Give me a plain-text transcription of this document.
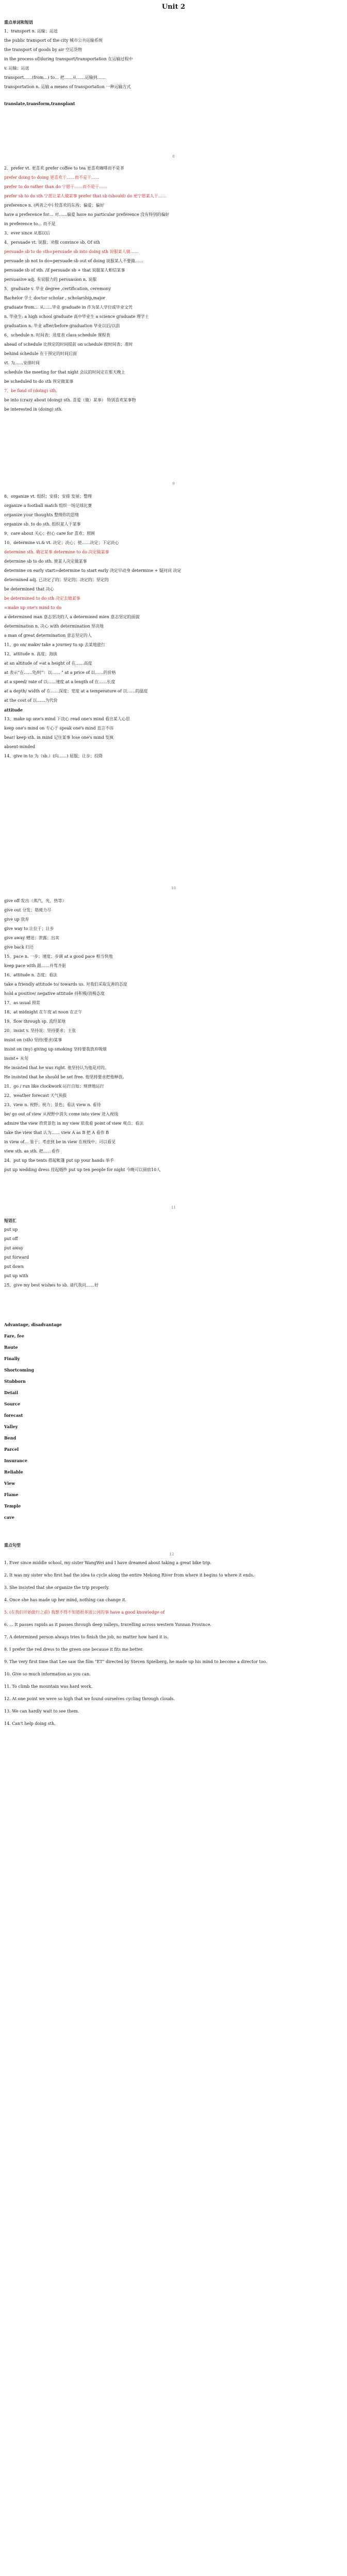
Unit 2
重点单词和短语
1、transport n. 运输；运送
the public transport of the city 城市公共运输系统
the transport of goods by air 空运货物
in the process of/during transport/transportation 在运输过程中
v. 运输；运送
transport……(from…) to… 把……从……运输到……
transportation n. 运输 a means of transportation 一种运输方式
translate,transform,transplant
8
2、prefer vt. 更喜欢 prefer coffee to tea 更喜欢咖啡而不是茶
prefer doing to doing 更喜欢干……而不是干……
prefer to do rather than do 宁愿干……而不是干……
prefer sb to do sth 宁愿让某人做某事 prefer that sb (should) do 更宁愿某人干……
preference n. (两者之中) 较喜欢的东西；偏爱；偏好
have a preference for… 对……偏爱 have no particular preference 没有特别的偏好
in preference to… 而不是
3、ever since 从那以后
4、persuade vt. 说服；劝服 convince sb. Of sth
persuade sb to do sth=persuade sb into doing sth 说服某人做……
persuade sb not to do=persuade sb out of doing 说服某人不要做……
persuade sb of sth. /if persuade sb + that 说服某人相信某事
persuasive adj. 有说服力的 persuasion n. 说服
5、graduate v. 毕业 degree ,certification, ceremony
Bachelor 学士 doctor scholar , scholarship,major
graduate from… 从……毕业 graduate in 作为某人学位或毕业文凭
n. 毕业生: a high school graduate 高中毕业生 a science graduate 理学士
graduation n. 毕业 after/before graduation 毕业以后/以前
6、schedule n. 时间表；进度表 class schedule 课程表
ahead of schedule 比预定的时间提前 on schedule 按时间表；准时
behind schedule 在于预定的时间后面
vt. 为……安排时间
schedule the meeting for that night 会议的时间定在那天晚上
be scheduled to do sth 预定做某事
7、be fond of (doing) sth.
be into (crazy about (doing) sth. 喜爱（做）某事） 特别喜欢某事物
be interested in (doing) sth.
9
8、organize vt. 组织；安排；安排 发展；整理
organize a football match 组织一场足球比赛
organize your thoughts 整理你的思绪
organize sb. to do sth. 组织某人干某事
9、care about 关心；担心 care for 喜欢；照顾
10、determine vi.& vt. 决定；决心；使……决定；下定决心
determine sth. 确定某事 determine to do 决定做某事
determine sb to do sth. 使某人决定做某事
determine on early start=determine to start early 决定早动身 determine + 疑问词 决定
determined adj. 已决定了的；坚定的；决定的；坚定的
be determined that 决心
be determined to do sth 决定去做某事
=make up one's mind to do
a determined man 意志坚决的人 a determined mien 意志坚定的面貌
determination n. 决心 with determination 坚决地
a man of great determination 意志坚定的人
11、go on/ make/ take a journey to sp 去某地旅行
12、attitude n. 高度；海拔
at an altitude of =at a height of 在……高度
at 表示"在……处/时"：以…… " at a price of 以……的价格
at a speed/ rate of 以……速度 at a length of 在……长度
at a depth/ width of 在……深度；宽度 at a temperature of 以……的温度
at the cost of 以……为代价
attitude
13、make up one's mind 下决心 read one's mind 看出某人心思
keep one's mind on 专心于 speak one's mind 直言不讳
bear/ keep sth. in mind 记住某事 lose one's mind 发疯
absent-minded
14、give in to 为（sb.）(向……) 屈服；让步；投降
10
give off 发出（蒸汽，光，热等）
give out 分发；筋疲力尽
give up 放弃
give way to 让位于；让步
give away 赠送；泄露；出卖
give back 归还
15、pace n. 一步；速度；步调 at a good pace 相当快地
keep pace with 跟……并驾齐驱
16、attitude n. 态度；看法
take a friendly attitude to/ towards us. 对我们采取友善的态度
hold a positive/ negative attitude 持积极/消极态度
17、as usual 照常
18、at midnight 在午夜 at noon 在正午
19、flow through sp. 流经某地
20、insist v. 坚持说；坚持要求；主张
insist on (sth) 坚持(要求)某事
insist on (my) giving up smoking 坚持要我放弃吸烟
insist+ 从句
He insisted that he was right. 他坚持认为他是对的。
He insisted that he should be set free. 他坚持要求把他释放。
21、go / run like clockwork 运行自如；规律地运行
22、weather forecast 天气预报
23、view n. 视野；视力；景色；看法 view n. 看待
be/ go out of view 从视野中消失 come into view 进入视线
admire the view 欣赏景色 in my view 依我看 point of view 观点；看法
take the view that 认为…… view A as B 把 A 看作 B
in view of… 鉴于；考虑到 be in view 在视线中；可以看见
view sth. as sth. 把……看作
24、put up the tents 搭起帐篷 put up your hands 举手
put up wedding dress 挂起婚纱 put up ten people for night 今晚可以留宿10人
11
短语汇
put up
put off
put away
put forward
put down
put up with
25、give my best wishes to sb. 请代我问……好
Advantage, disadvantage
Fare, fee
Route
Finally
Shortcoming
Stubborn
Detail
Source
forecast
Valley
Bend
Parcel
Insurance
Reliable
View
Flame
Temple
cave
重点句型
12
1. Ever since middle school, my sister WangWei and I have dreamed about taking a great bike trip.
2. It was my sister who first had the idea to cycle along the entire Mekong River from where it begins to where it ends.
3. She insisted that she organize the trip properly.
4. Once she has made up her mind, nothing can change it.
5. (在我们开始旅行之前) 我想不得不知道很多湄公河的事 have a good knowledge of
6. ... It passes rapids as it passes through deep valleys, travelling across western Yunnan Province.
7. A determined person always tries to finish the job, no matter how hard it is.
8. I prefer the red dress to the green one because it fits me better.
9. The very first time that Lee saw the film "ET" directed by Steven Spielberg, he made up his mind to become a director too.
10. Give so much information as you can.
11. To climb the mountain was hard work.
12. At one point we were so high that we found ourselves cycling through clouds.
13. We can hardly wait to see them.
14. Can't help doing sth.
